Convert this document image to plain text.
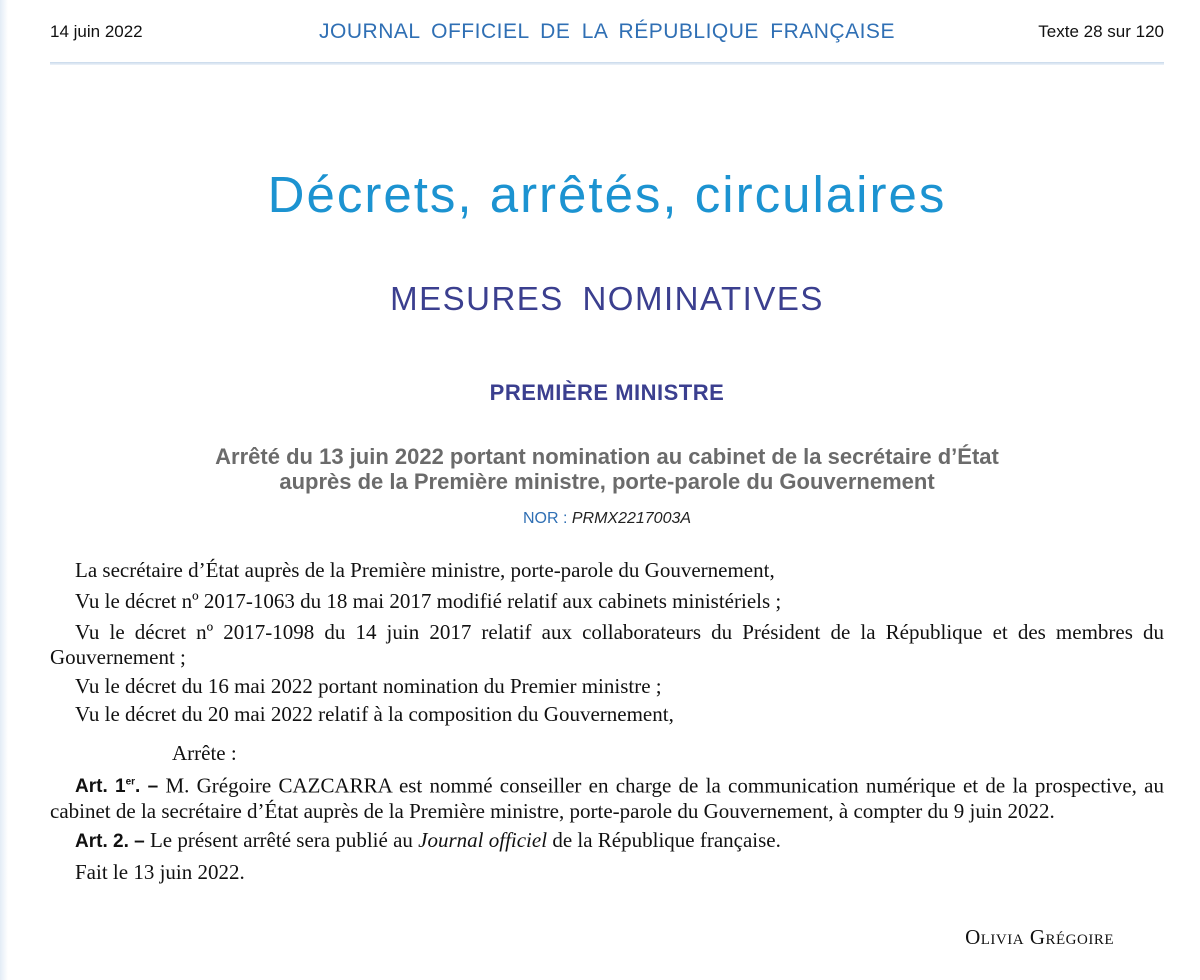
14 juin 2022	JOURNAL OFFICIEL DE LA RÉPUBLIQUE FRANÇAISE	Texte 28 sur 120
Décrets, arrêtés, circulaires
MESURES NOMINATIVES
PREMIÈRE MINISTRE
Arrêté du 13 juin 2022 portant nomination au cabinet de la secrétaire d’État
auprès de la Première ministre, porte-parole du Gouvernement
NOR : PRMX2217003A

La secrétaire d’État auprès de la Première ministre, porte-parole du Gouvernement,

Vu le décret nº 2017-1063 du 18 mai 2017 modifié relatif aux cabinets ministériels ;

Vu le décret nº 2017-1098 du 14 juin 2017 relatif aux collaborateurs du Président de la République et des membres du Gouvernement ;

Vu le décret du 16 mai 2022 portant nomination du Premier ministre ;

Vu le décret du 20 mai 2022 relatif à la composition du Gouvernement,

Arrête :

Art. 1er. – M. Grégoire CAZCARRA est nommé conseiller en charge de la communication numérique et de la prospective, au cabinet de la secrétaire d’État auprès de la Première ministre, porte-parole du Gouvernement, à compter du 9 juin 2022.

Art. 2. – Le présent arrêté sera publié au Journal officiel de la République française.

Fait le 13 juin 2022.

Olivia Grégoire
